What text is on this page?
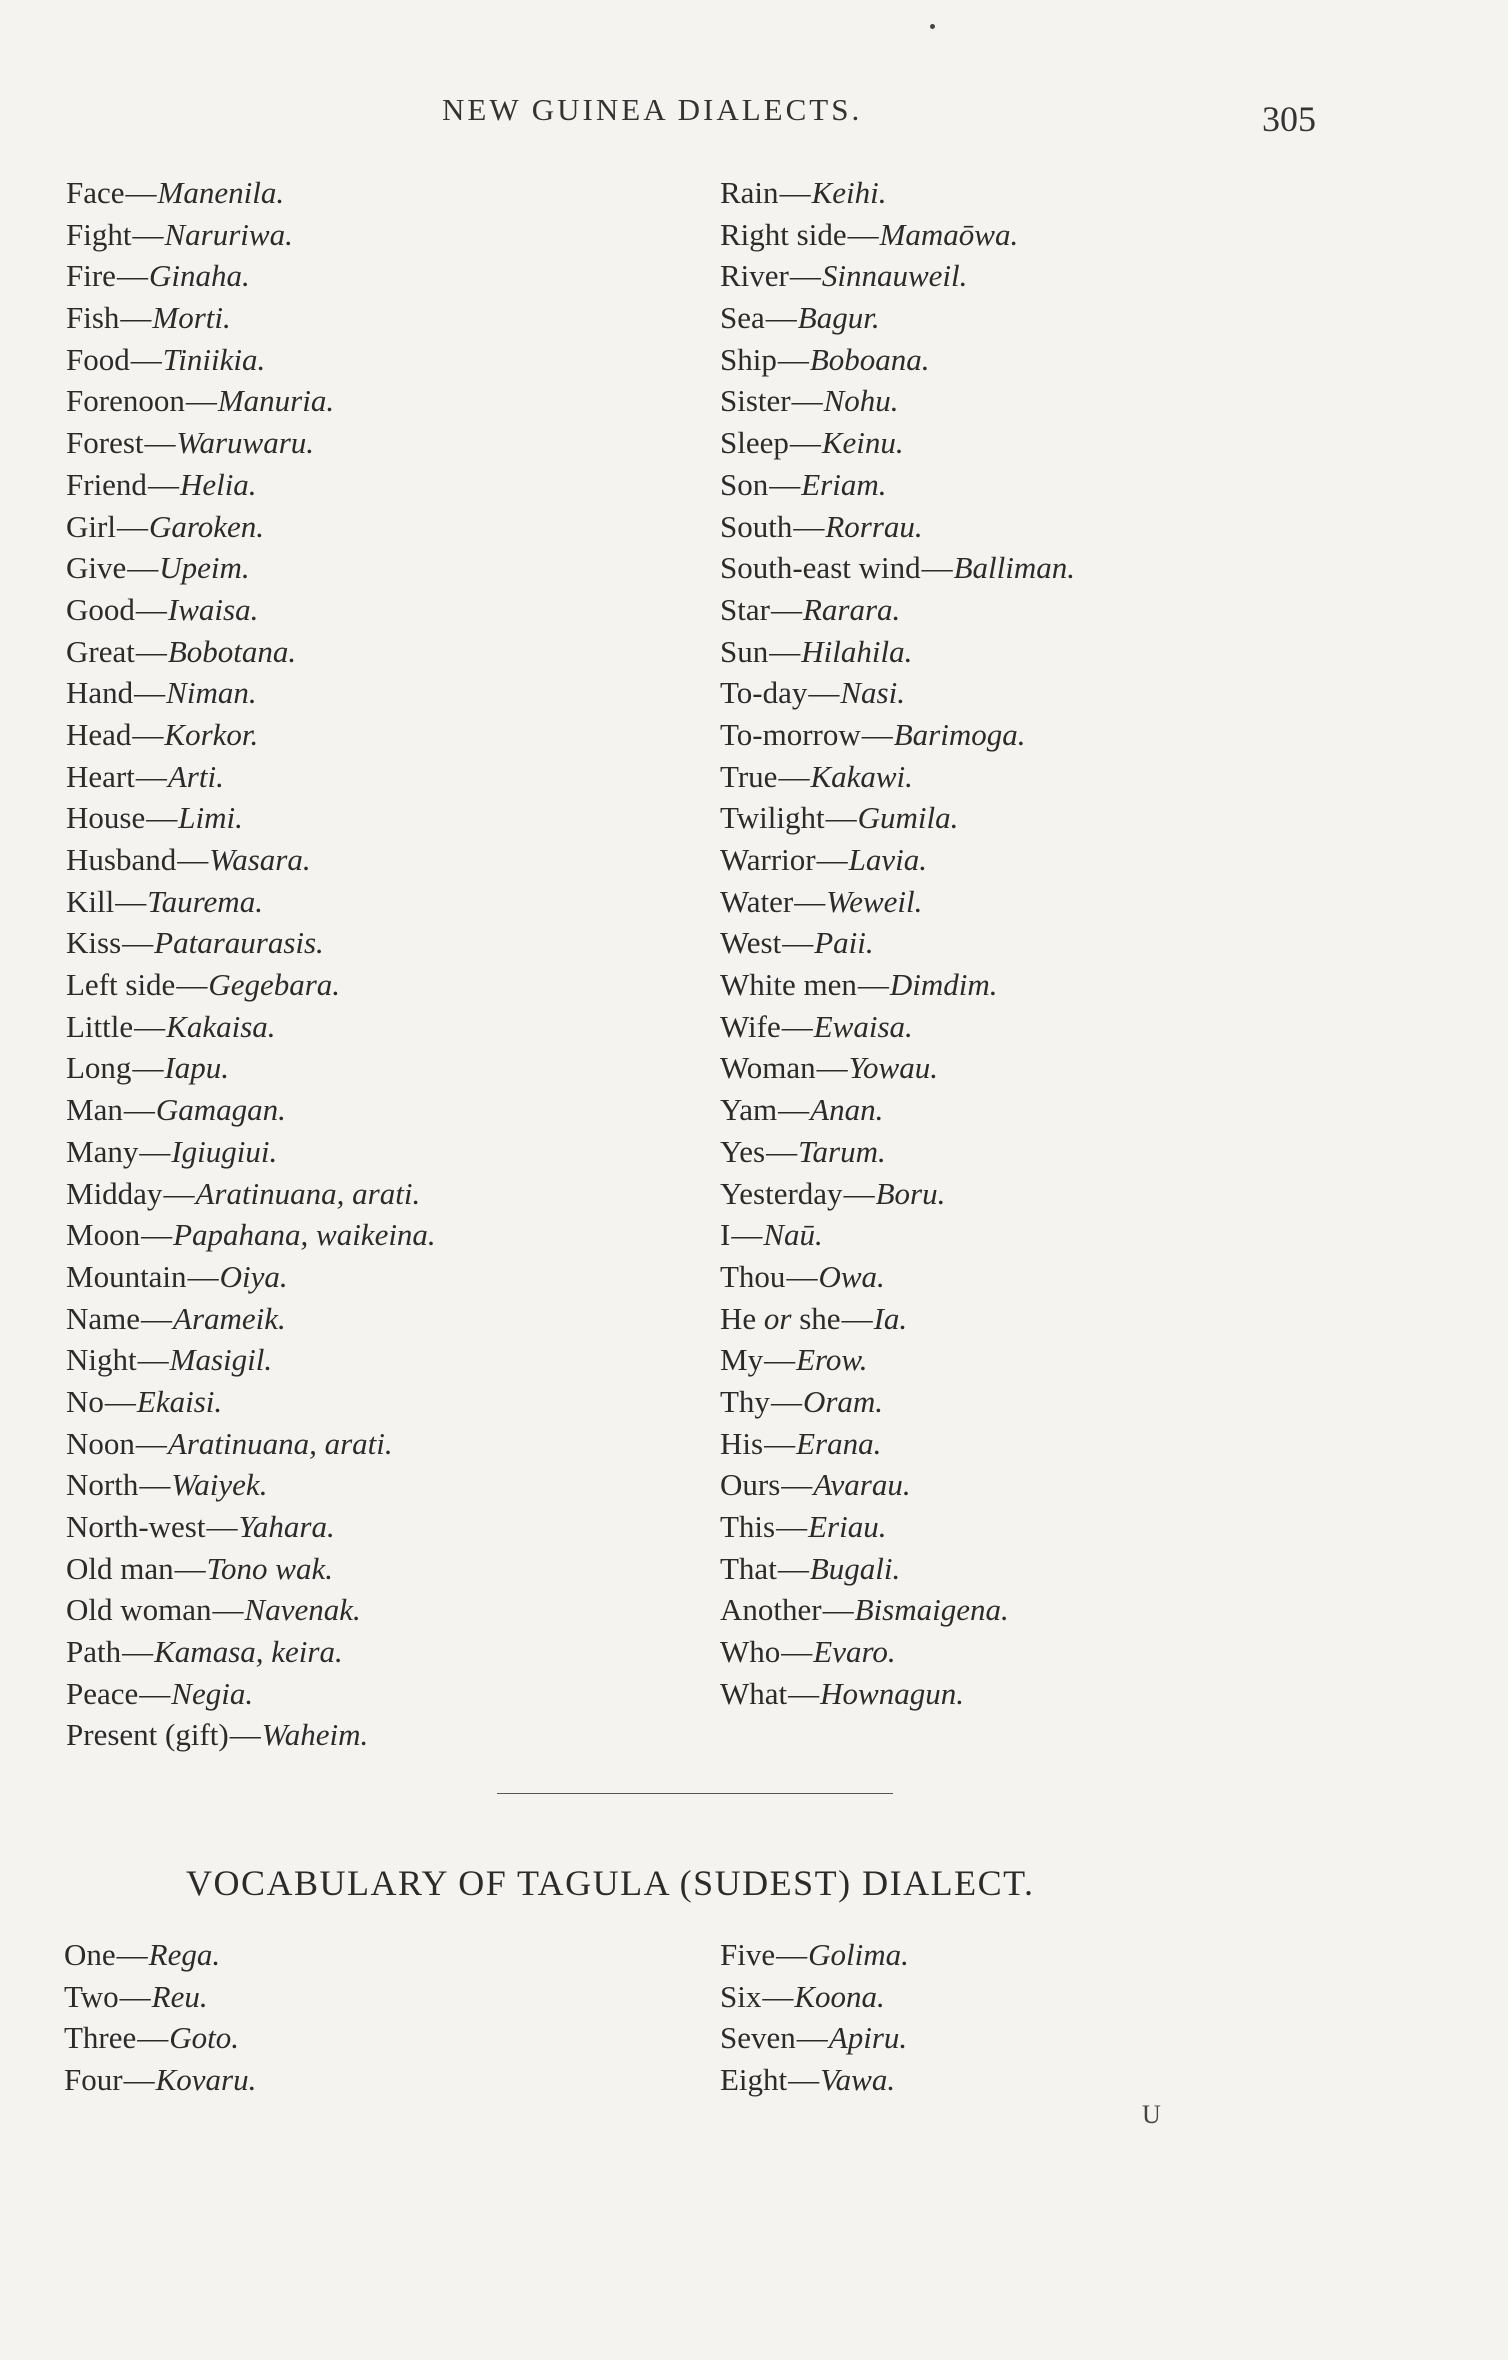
NEW GUINEA DIALECTS.	305
Face—Manenila.
Fight—Naruriwa.
Fire—Ginaha.
Fish—Morti.
Food—Tiniikia.
Forenoon—Manuria.
Forest—Waruwaru.
Friend—Helia.
Girl—Garoken.
Give—Upeim.
Good—Iwaisa.
Great—Bobotana.
Hand—Niman.
Head—Korkor.
Heart—Arti.
House—Limi.
Husband—Wasara.
Kill—Taurema.
Kiss—Pataraurasis.
Left side—Gegebara.
Little—Kakaisa.
Long—Iapu.
Man—Gamagan.
Many—Igiugiui.
Midday—Aratinuana, arati.
Moon—Papahana, waikeina.
Mountain—Oiya.
Name—Arameik.
Night—Masigil.
No—Ekaisi.
Noon—Aratinuana, arati.
North—Waiyek.
North-west—Yahara.
Old man—Tono wak.
Old woman—Navenak.
Path—Kamasa, keira.
Peace—Negia.
Present (gift)—Waheim.
Rain—Keihi.
Right side—Mamaōwa.
River—Sinnauweil.
Sea—Bagur.
Ship—Boboana.
Sister—Nohu.
Sleep—Keinu.
Son—Eriam.
South—Rorrau.
South-east wind—Balliman.
Star—Rarara.
Sun—Hilahila.
To-day—Nasi.
To-morrow—Barimoga.
True—Kakawi.
Twilight—Gumila.
Warrior—Lavia.
Water—Weweil.
West—Paii.
White men—Dimdim.
Wife—Ewaisa.
Woman—Yowau.
Yam—Anan.
Yes—Tarum.
Yesterday—Boru.
I—Naū.
Thou—Owa.
He or she—Ia.
My—Erow.
Thy—Oram.
His—Erana.
Ours—Avarau.
This—Eriau.
That—Bugali.
Another—Bismaigena.
Who—Evaro.
What—Hownagun.
VOCABULARY OF TAGULA (SUDEST) DIALECT.
One—Rega.
Two—Reu.
Three—Goto.
Four—Kovaru.
Five—Golima.
Six—Koona.
Seven—Apiru.
Eight—Vawa.
U
